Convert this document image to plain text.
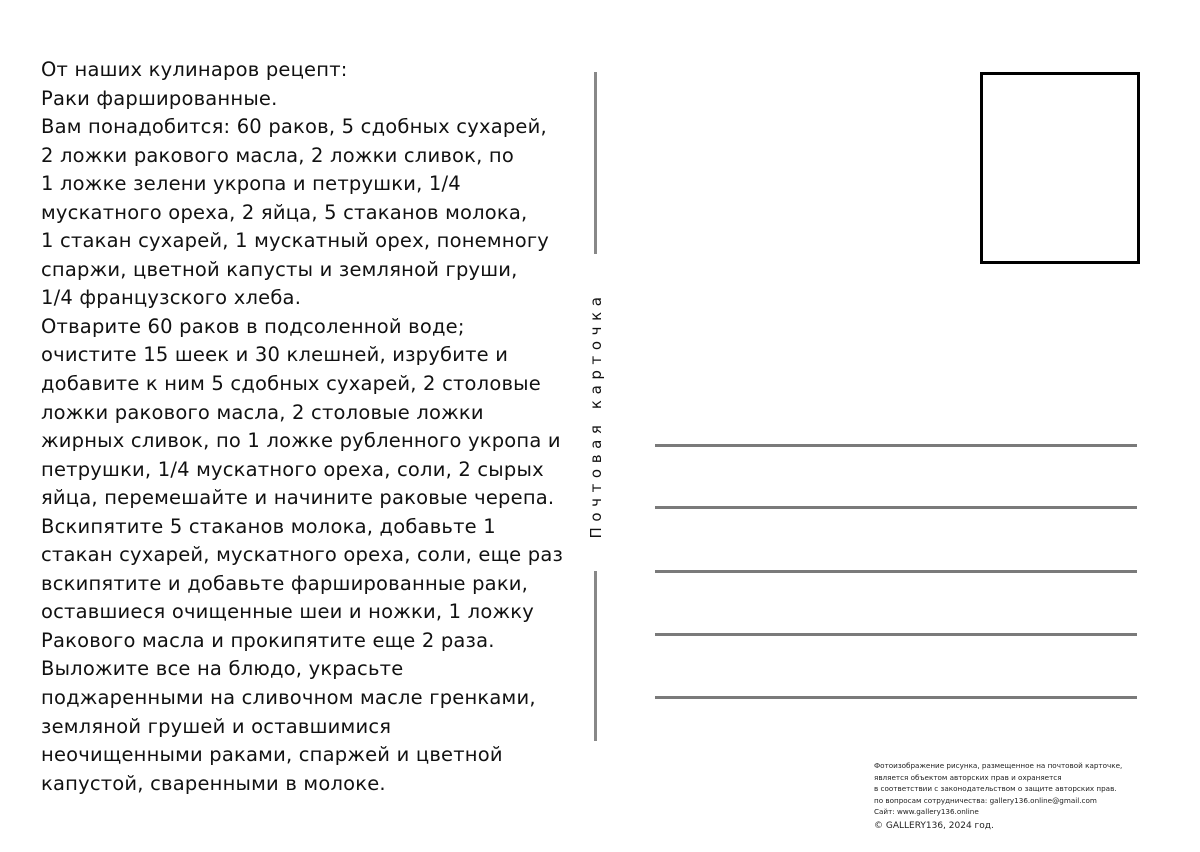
От наших кулинаров рецепт:
Раки фаршированные.
Вам понадобится: 60 раков, 5 сдобных сухарей,
2 ложки ракового масла, 2 ложки сливок, по
1 ложке зелени укропа и петрушки, 1/4
мускатного ореха, 2 яйца, 5 стаканов молока,
1 стакан сухарей, 1 мускатный орех, понемногу
спаржи, цветной капусты и земляной груши,
1/4 французского хлеба.
Отварите 60 раков в подсоленной воде;
очистите 15 шеек и 30 клешней, изрубите и
добавите к ним 5 сдобных сухарей, 2 столовые
ложки ракового масла, 2 столовые ложки
жирных сливок, по 1 ложке рубленного укропа и
петрушки, 1/4 мускатного ореха, соли, 2 сырых
яйца, перемешайте и начините раковые черепа.
Вскипятите 5 стаканов молока, добавьте 1
стакан сухарей, мускатного ореха, соли, еще раз
вскипятите и добавьте фаршированные раки,
оставшиеся очищенные шеи и ножки, 1 ложку
Ракового масла и прокипятите еще 2 раза.
Выложите все на блюдо, украсьте
поджаренными на сливочном масле гренками,
земляной грушей и оставшимися
неочищенными раками, спаржей и цветной
капустой, сваренными в молоке.
Почтовая карточка
Фотоизображение рисунка, размещенное на почтовой карточке,
является объектом авторских прав и охраняется
в соответствии с законодательством о защите авторских прав.
по вопросам сотрудничества: gallery136.online@gmail.com
Сайт: www.gallery136.online
© GALLERY136, 2024 год.
